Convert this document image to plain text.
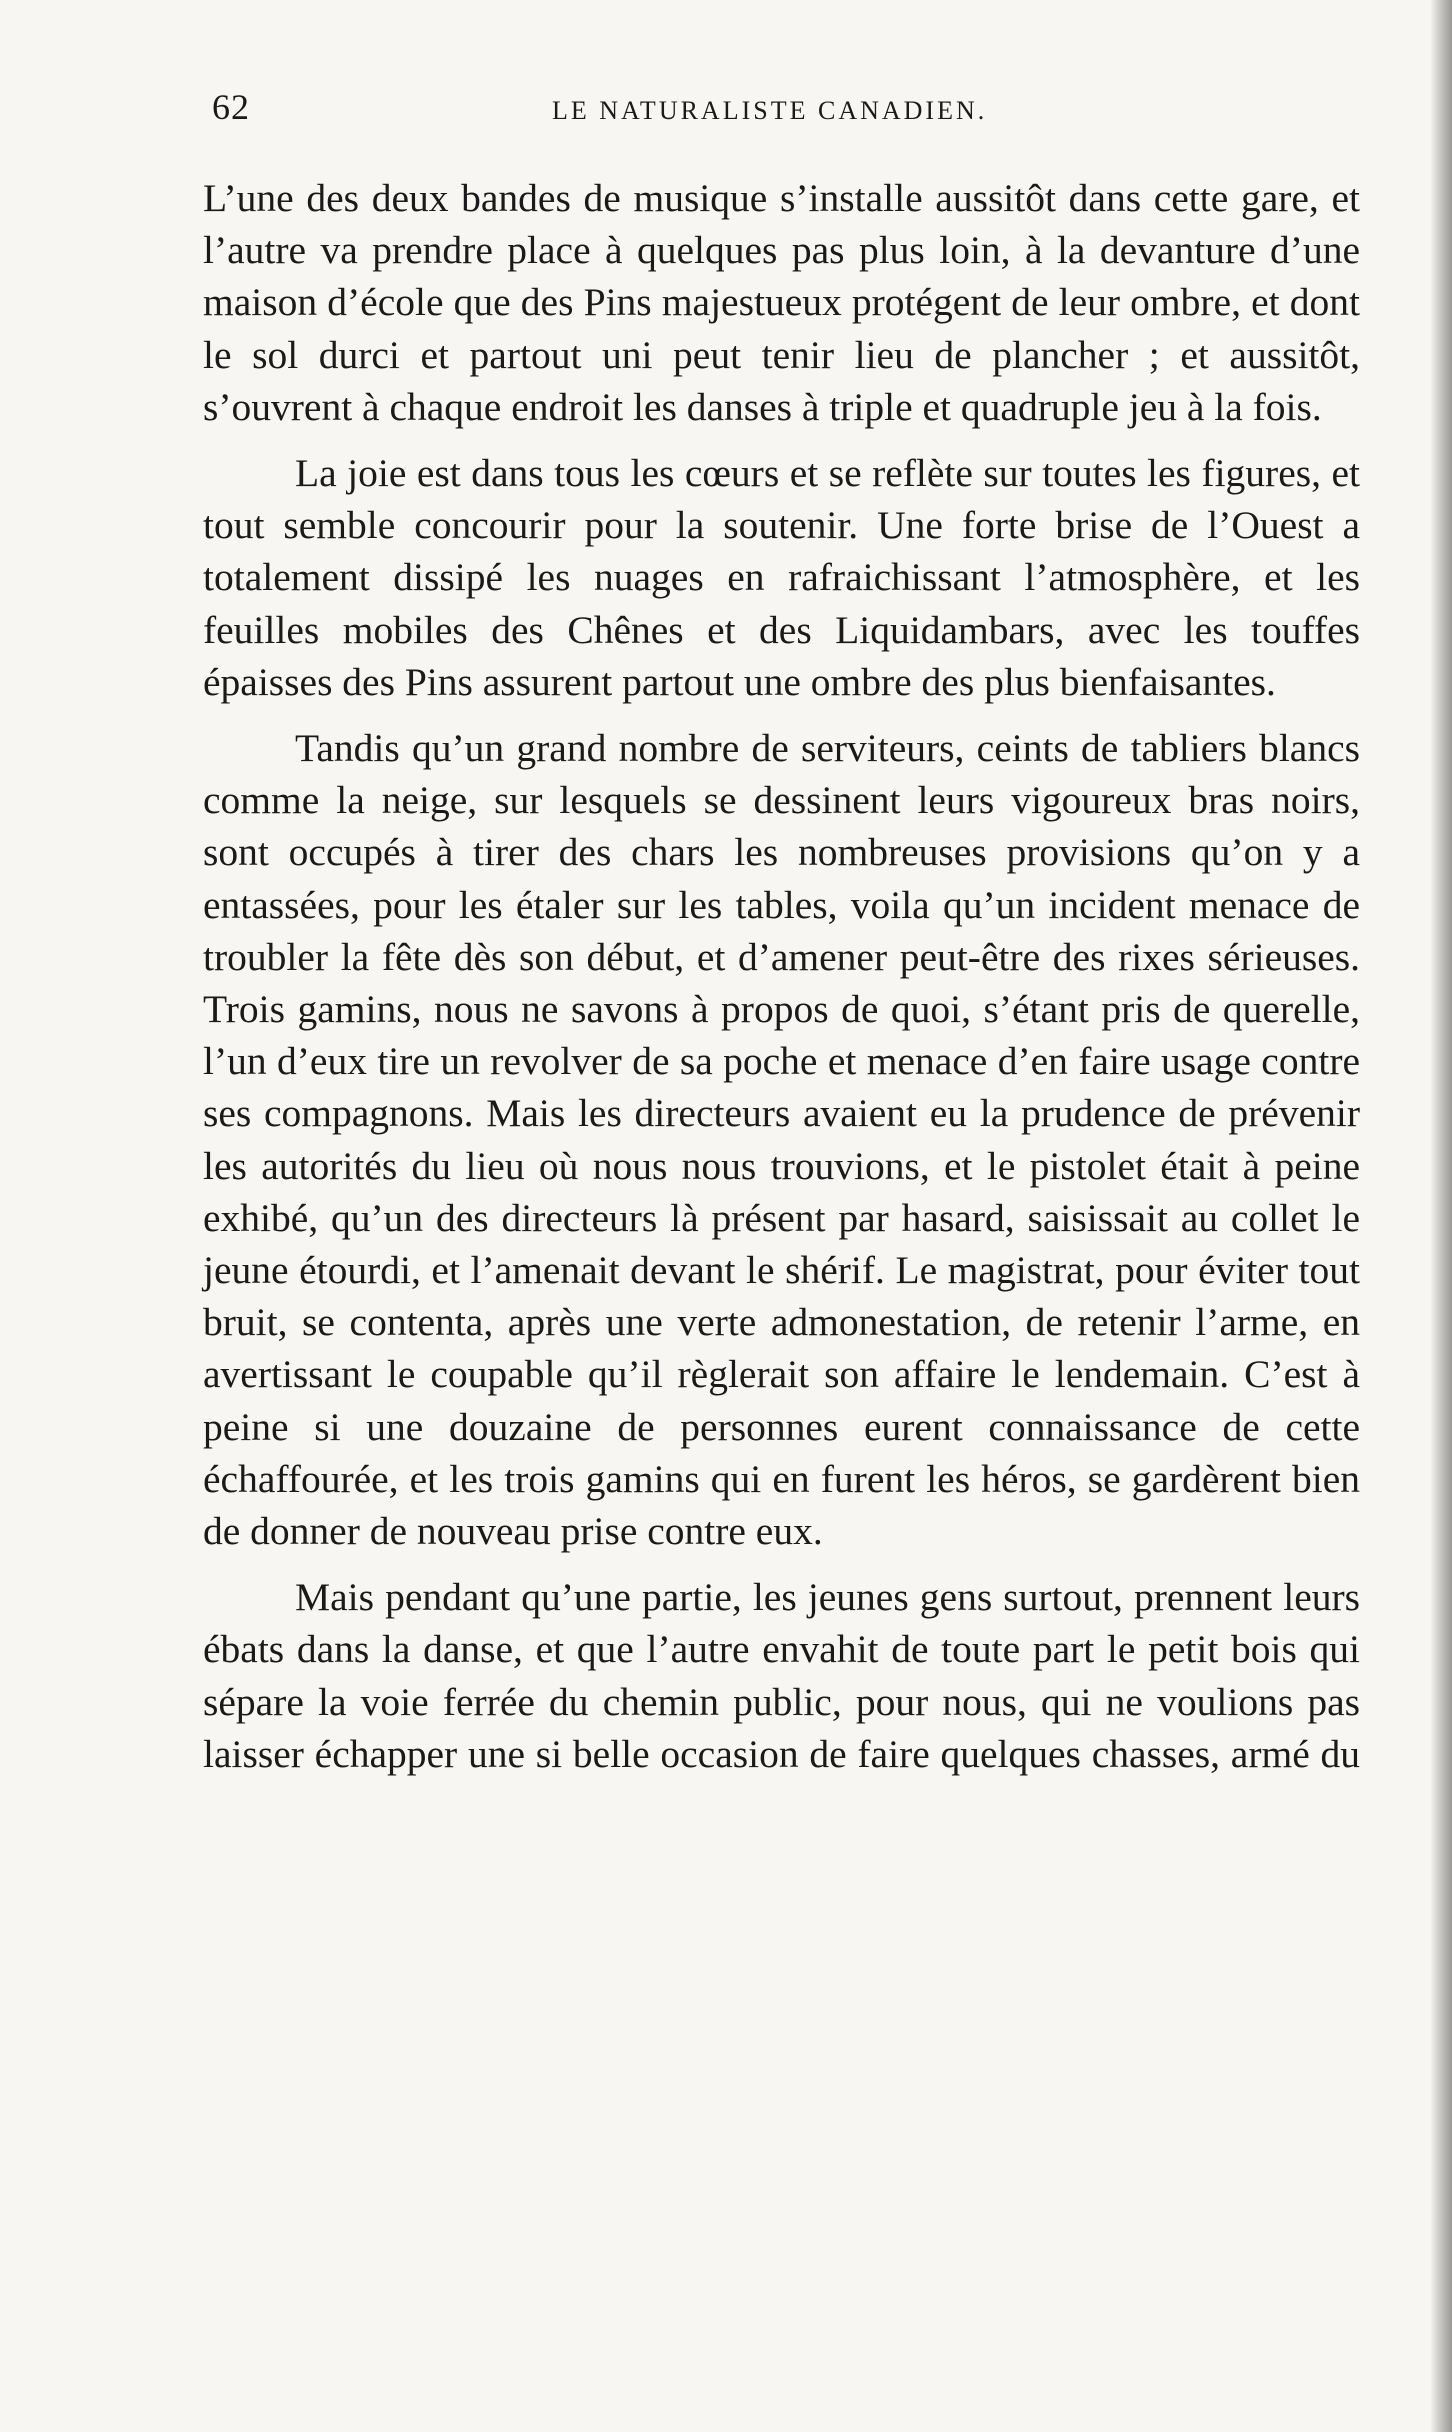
62	LE NATURALISTE CANADIEN.

L’une des deux bandes de musique s’installe aussitôt dans cette gare, et l’autre va prendre place à quelques pas plus loin, à la devanture d’une maison d’école que des Pins majestueux protégent de leur ombre, et dont le sol durci et partout uni peut tenir lieu de plancher ; et aussitôt, s’ouvrent à chaque endroit les danses à triple et quadruple jeu à la fois.

La joie est dans tous les cœurs et se reflète sur toutes les figures, et tout semble concourir pour la soutenir. Une forte brise de l’Ouest a totalement dissipé les nuages en rafraichissant l’atmosphère, et les feuilles mobiles des Chênes et des Liquidambars, avec les touffes épaisses des Pins assurent partout une ombre des plus bienfaisantes.

Tandis qu’un grand nombre de serviteurs, ceints de tabliers blancs comme la neige, sur lesquels se dessinent leurs vigoureux bras noirs, sont occupés à tirer des chars les nombreuses provisions qu’on y a entassées, pour les étaler sur les tables, voila qu’un incident menace de troubler la fête dès son début, et d’amener peut-être des rixes sérieuses. Trois gamins, nous ne savons à propos de quoi, s’étant pris de querelle, l’un d’eux tire un revolver de sa poche et menace d’en faire usage contre ses compagnons. Mais les directeurs avaient eu la prudence de prévenir les autorités du lieu où nous nous trouvions, et le pistolet était à peine exhibé, qu’un des directeurs là présent par hasard, saisissait au collet le jeune étourdi, et l’amenait devant le shérif. Le magistrat, pour éviter tout bruit, se contenta, après une verte admonestation, de retenir l’arme, en avertissant le coupable qu’il règlerait son affaire le lendemain. C’est à peine si une douzaine de personnes eurent connaissance de cette échaffourée, et les trois gamins qui en furent les héros, se gardèrent bien de donner de nouveau prise contre eux.

Mais pendant qu’une partie, les jeunes gens surtout, prennent leurs ébats dans la danse, et que l’autre envahit de toute part le petit bois qui sépare la voie ferrée du chemin public, pour nous, qui ne voulions pas laisser échapper une si belle occasion de faire quelques chasses, armé du
